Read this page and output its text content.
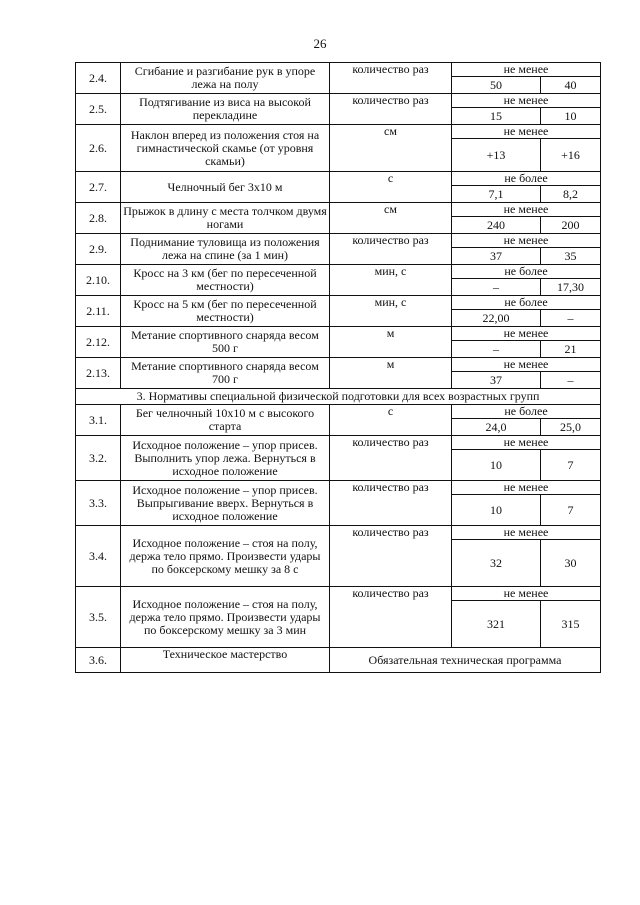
26
2.4.	Сгибание и разгибание рук в упоре лежа на полу	количество раз	не менее	
			50	40
2.5.	Подтягивание из виса на высокой перекладине	количество раз	не менее	
			15	10
2.6.	Наклон вперед из положения стоя на гимнастической скамье (от уровня скамьи)	см	не менее	
			+13	+16
2.7.	Челночный бег 3х10 м	с	не более	
			7,1	8,2
2.8.	Прыжок в длину с места толчком двумя ногами	см	не менее	
			240	200
2.9.	Поднимание туловища из положения лежа на спине (за 1 мин)	количество раз	не менее	
			37	35
2.10.	Кросс на 3 км (бег по пересеченной местности)	мин, с	не более	
			–	17,30
2.11.	Кросс на 5 км (бег по пересеченной местности)	мин, с	не более	
			22,00	–
2.12.	Метание спортивного снаряда весом 500 г	м	не менее	
			–	21
2.13.	Метание спортивного снаряда весом 700 г	м	не менее	
			37	–
3. Нормативы специальной физической подготовки для всех возрастных групп				
3.1.	Бег челночный 10х10 м с высокого старта	с	не более	
			24,0	25,0
3.2.	Исходное положение – упор присев. Выполнить упор лежа. Вернуться в исходное положение	количество раз	не менее	
			10	7
3.3.	Исходное положение – упор присев. Выпрыгивание вверх. Вернуться в исходное положение	количество раз	не менее	
			10	7
3.4.	Исходное положение – стоя на полу, держа тело прямо. Произвести удары по боксерскому мешку за 8 с	количество раз	не менее	
			32	30
3.5.	Исходное положение – стоя на полу, держа тело прямо. Произвести удары по боксерскому мешку за 3 мин	количество раз	не менее	
			321	315
3.6.	Техническое мастерство	Обязательная техническая программа		
